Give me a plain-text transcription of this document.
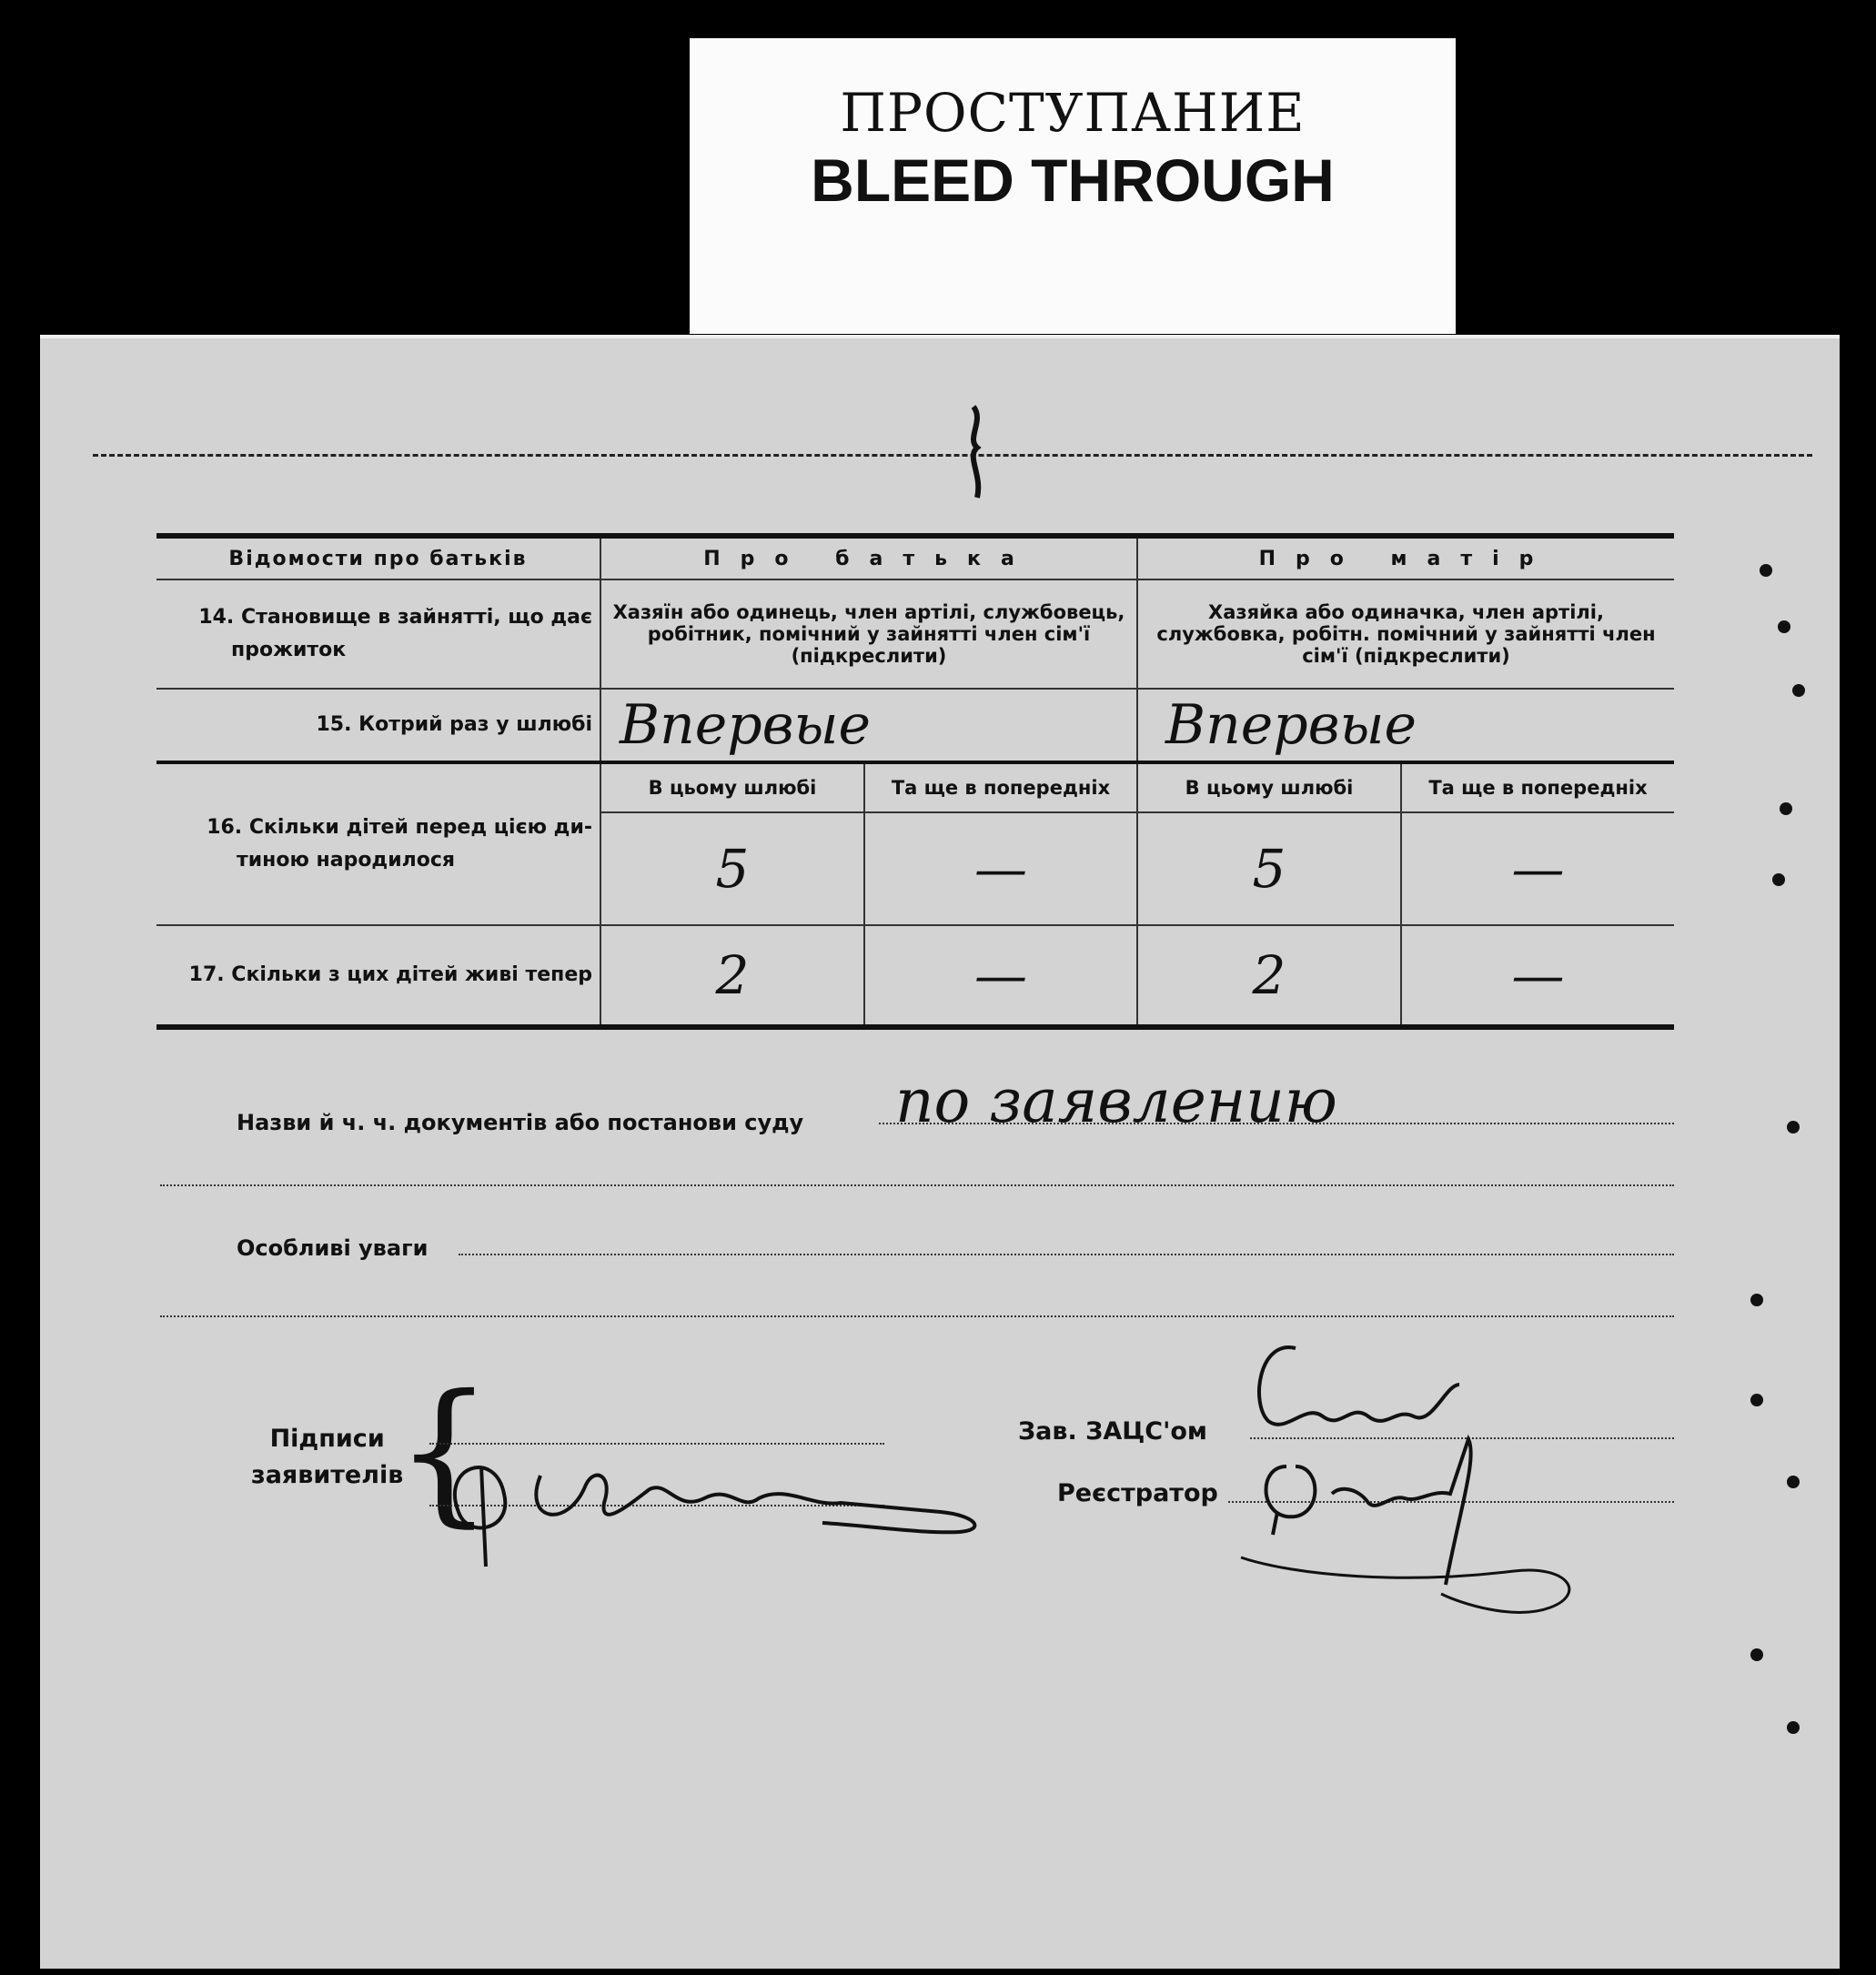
ПРОСТУПАНИЕ
BLEED THROUGH
Відомости про батьків	Про батька		Про матір	

14. Становище в зайнятті, що дає
прожиток	Хазяїн або одинець, член артілі, службовець, робітник, помічний у зайнятті член сім'ї (підкреслити)		Хазяйка або одиначка, член артілі, службовка, робітн. помічний у зайнятті член сім'ї (підкреслити)	
15. Котрий раз у шлюбі	Впервые		Впервые	

16. Скільки дітей перед цією ди-
тиною народилося	В цьому шлюбі	Та ще в попередніх	В цьому шлюбі	Та ще в попередніх
	5	—	5	—
17. Скільки з цих дітей живі тепер	2	—	2	—
Назви й ч. ч. документів або постанови суду по заявлению
Особливі уваги
Підписи
заявителів
{	Зав. ЗАЦС'ом
Реєстратор
